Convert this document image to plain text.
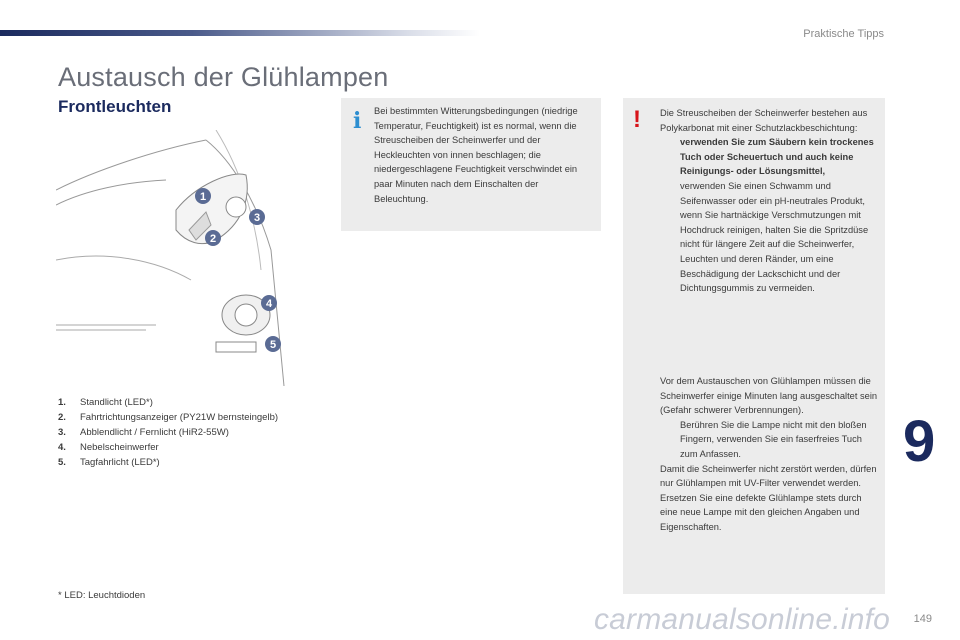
Praktische Tipps
Austausch der Glühlampen
Frontleuchten
1
2
3
4
5
1.	Standlicht (LED*)
2.	Fahrtrichtungsanzeiger (PY21W bernsteingelb)
3.	Abblendlicht / Fernlicht (HiR2-55W)
4.	Nebelscheinwerfer
5.	Tagfahrlicht (LED*)
* LED: Leuchtdioden
i Bei bestimmten Witterungsbedingungen (niedrige Temperatur, Feuchtigkeit) ist es normal, wenn die Streuscheiben der Scheinwerfer und der Heckleuchten von innen beschlagen; die niedergeschlagene Feuchtigkeit verschwindet ein paar Minuten nach dem Einschalten der Beleuchtung.
! Die Streuscheiben der Scheinwerfer bestehen aus Polykarbonat mit einer Schutzlackbeschichtung:
verwenden Sie zum Säubern kein trockenes Tuch oder Scheuertuch und auch keine Reinigungs- oder Lösungsmittel,
verwenden Sie einen Schwamm und Seifenwasser oder ein pH-neutrales Produkt,
wenn Sie hartnäckige Verschmutzungen mit Hochdruck reinigen, halten Sie die Spritzdüse nicht für längere Zeit auf die Scheinwerfer, Leuchten und deren Ränder, um eine Beschädigung der Lackschicht und der Dichtungsgummis zu vermeiden.
Vor dem Austauschen von Glühlampen müssen die Scheinwerfer einige Minuten lang ausgeschaltet sein (Gefahr schwerer Verbrennungen).
Berühren Sie die Lampe nicht mit den bloßen Fingern, verwenden Sie ein faserfreies Tuch zum Anfassen.
Damit die Scheinwerfer nicht zerstört werden, dürfen nur Glühlampen mit UV-Filter verwendet werden.
Ersetzen Sie eine defekte Glühlampe stets durch eine neue Lampe mit den gleichen Angaben und Eigenschaften.
9
carmanualsonline.info 149
